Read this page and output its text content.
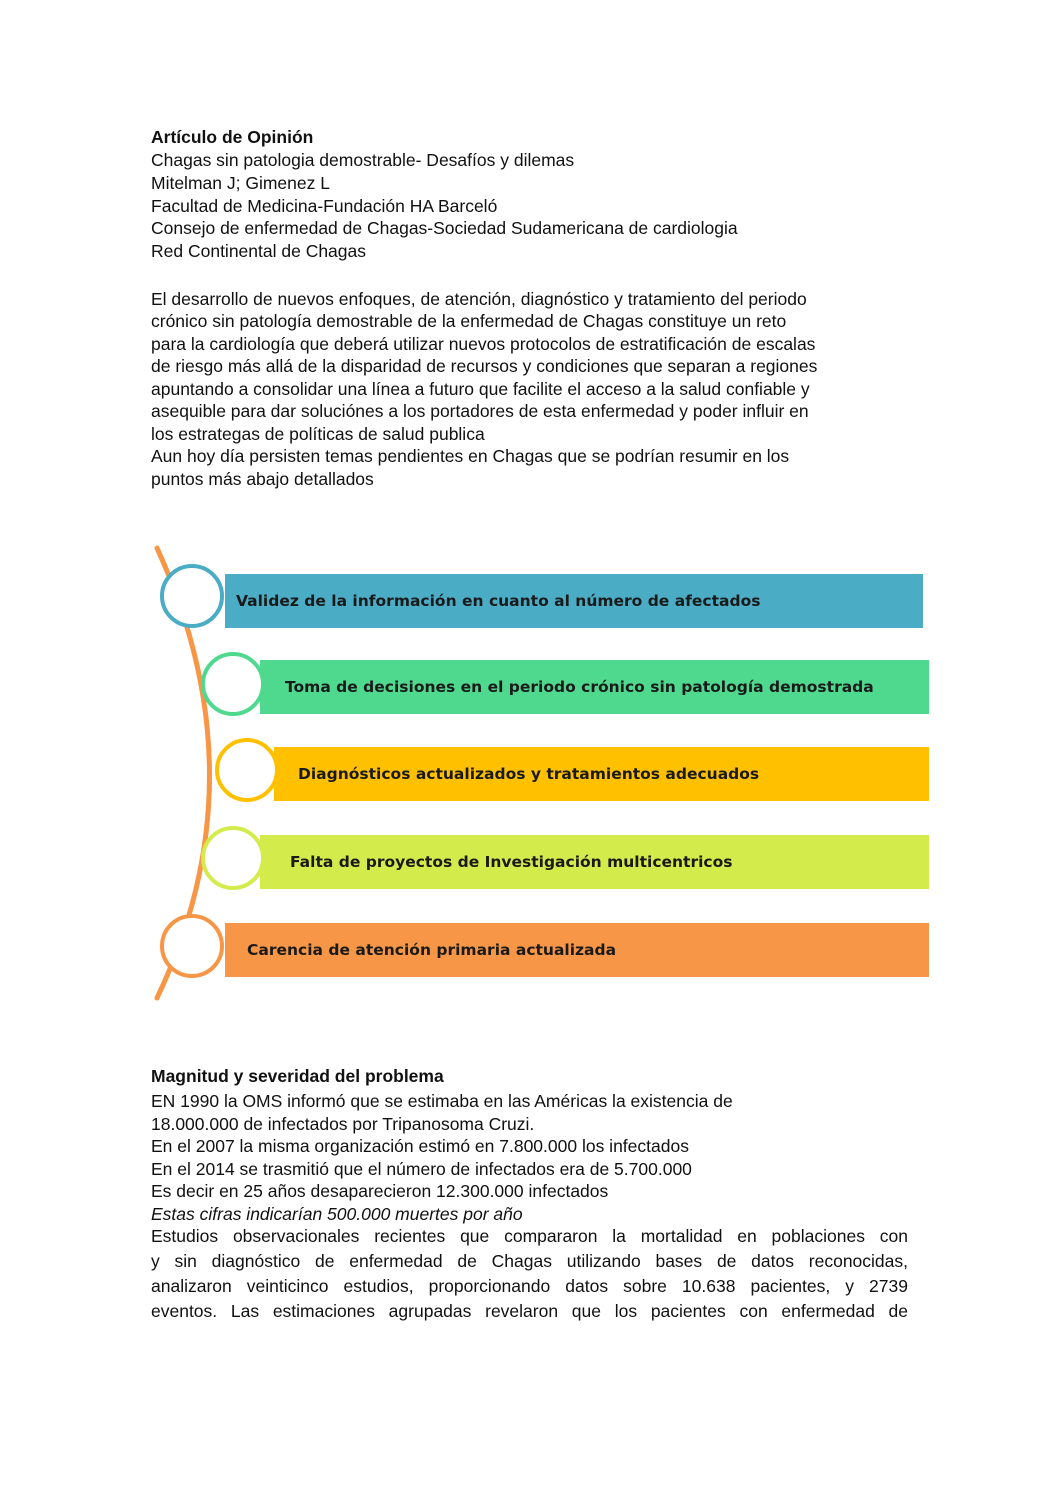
Artículo de Opinión
Chagas sin patologia demostrable- Desafíos y dilemas
Mitelman J; Gimenez L
Facultad de Medicina-Fundación HA Barceló
Consejo de enfermedad de Chagas-Sociedad Sudamericana de cardiologia
Red Continental de Chagas
El desarrollo de nuevos enfoques, de atención, diagnóstico y tratamiento del periodo
crónico sin patología demostrable de la enfermedad de Chagas constituye un reto
para la cardiología que deberá utilizar nuevos protocolos de estratificación de escalas
de riesgo más allá de la disparidad de recursos y condiciones que separan a regiones
apuntando a consolidar una línea a futuro que facilite el acceso a la salud confiable y
asequible para dar soluciónes a los portadores de esta enfermedad y poder influir en
los estrategas de políticas de salud publica
Aun hoy día persisten temas pendientes en Chagas que se podrían resumir en los
puntos más abajo detallados
Validez de la información en cuanto al número de afectados
Toma de decisiones en el periodo crónico sin patología demostrada
Diagnósticos actualizados y tratamientos adecuados
Falta de proyectos de Investigación multicentricos
Carencia de atención primaria actualizada
Magnitud y severidad del problema
EN 1990 la OMS informó que se estimaba en las Américas la existencia de
18.000.000 de infectados por Tripanosoma Cruzi.
En el 2007 la misma organización estimó en 7.800.000 los infectados
En el 2014 se trasmitió que el número de infectados era de 5.700.000
Es decir en 25 años desaparecieron 12.300.000 infectados
Estas cifras indicarían 500.000 muertes por año
Estudios observacionales recientes que compararon la mortalidad en poblaciones con
y sin diagnóstico de enfermedad de Chagas utilizando bases de datos reconocidas,
analizaron veinticinco estudios, proporcionando datos sobre 10.638 pacientes, y 2739
eventos. Las estimaciones agrupadas revelaron que los pacientes con enfermedad de
